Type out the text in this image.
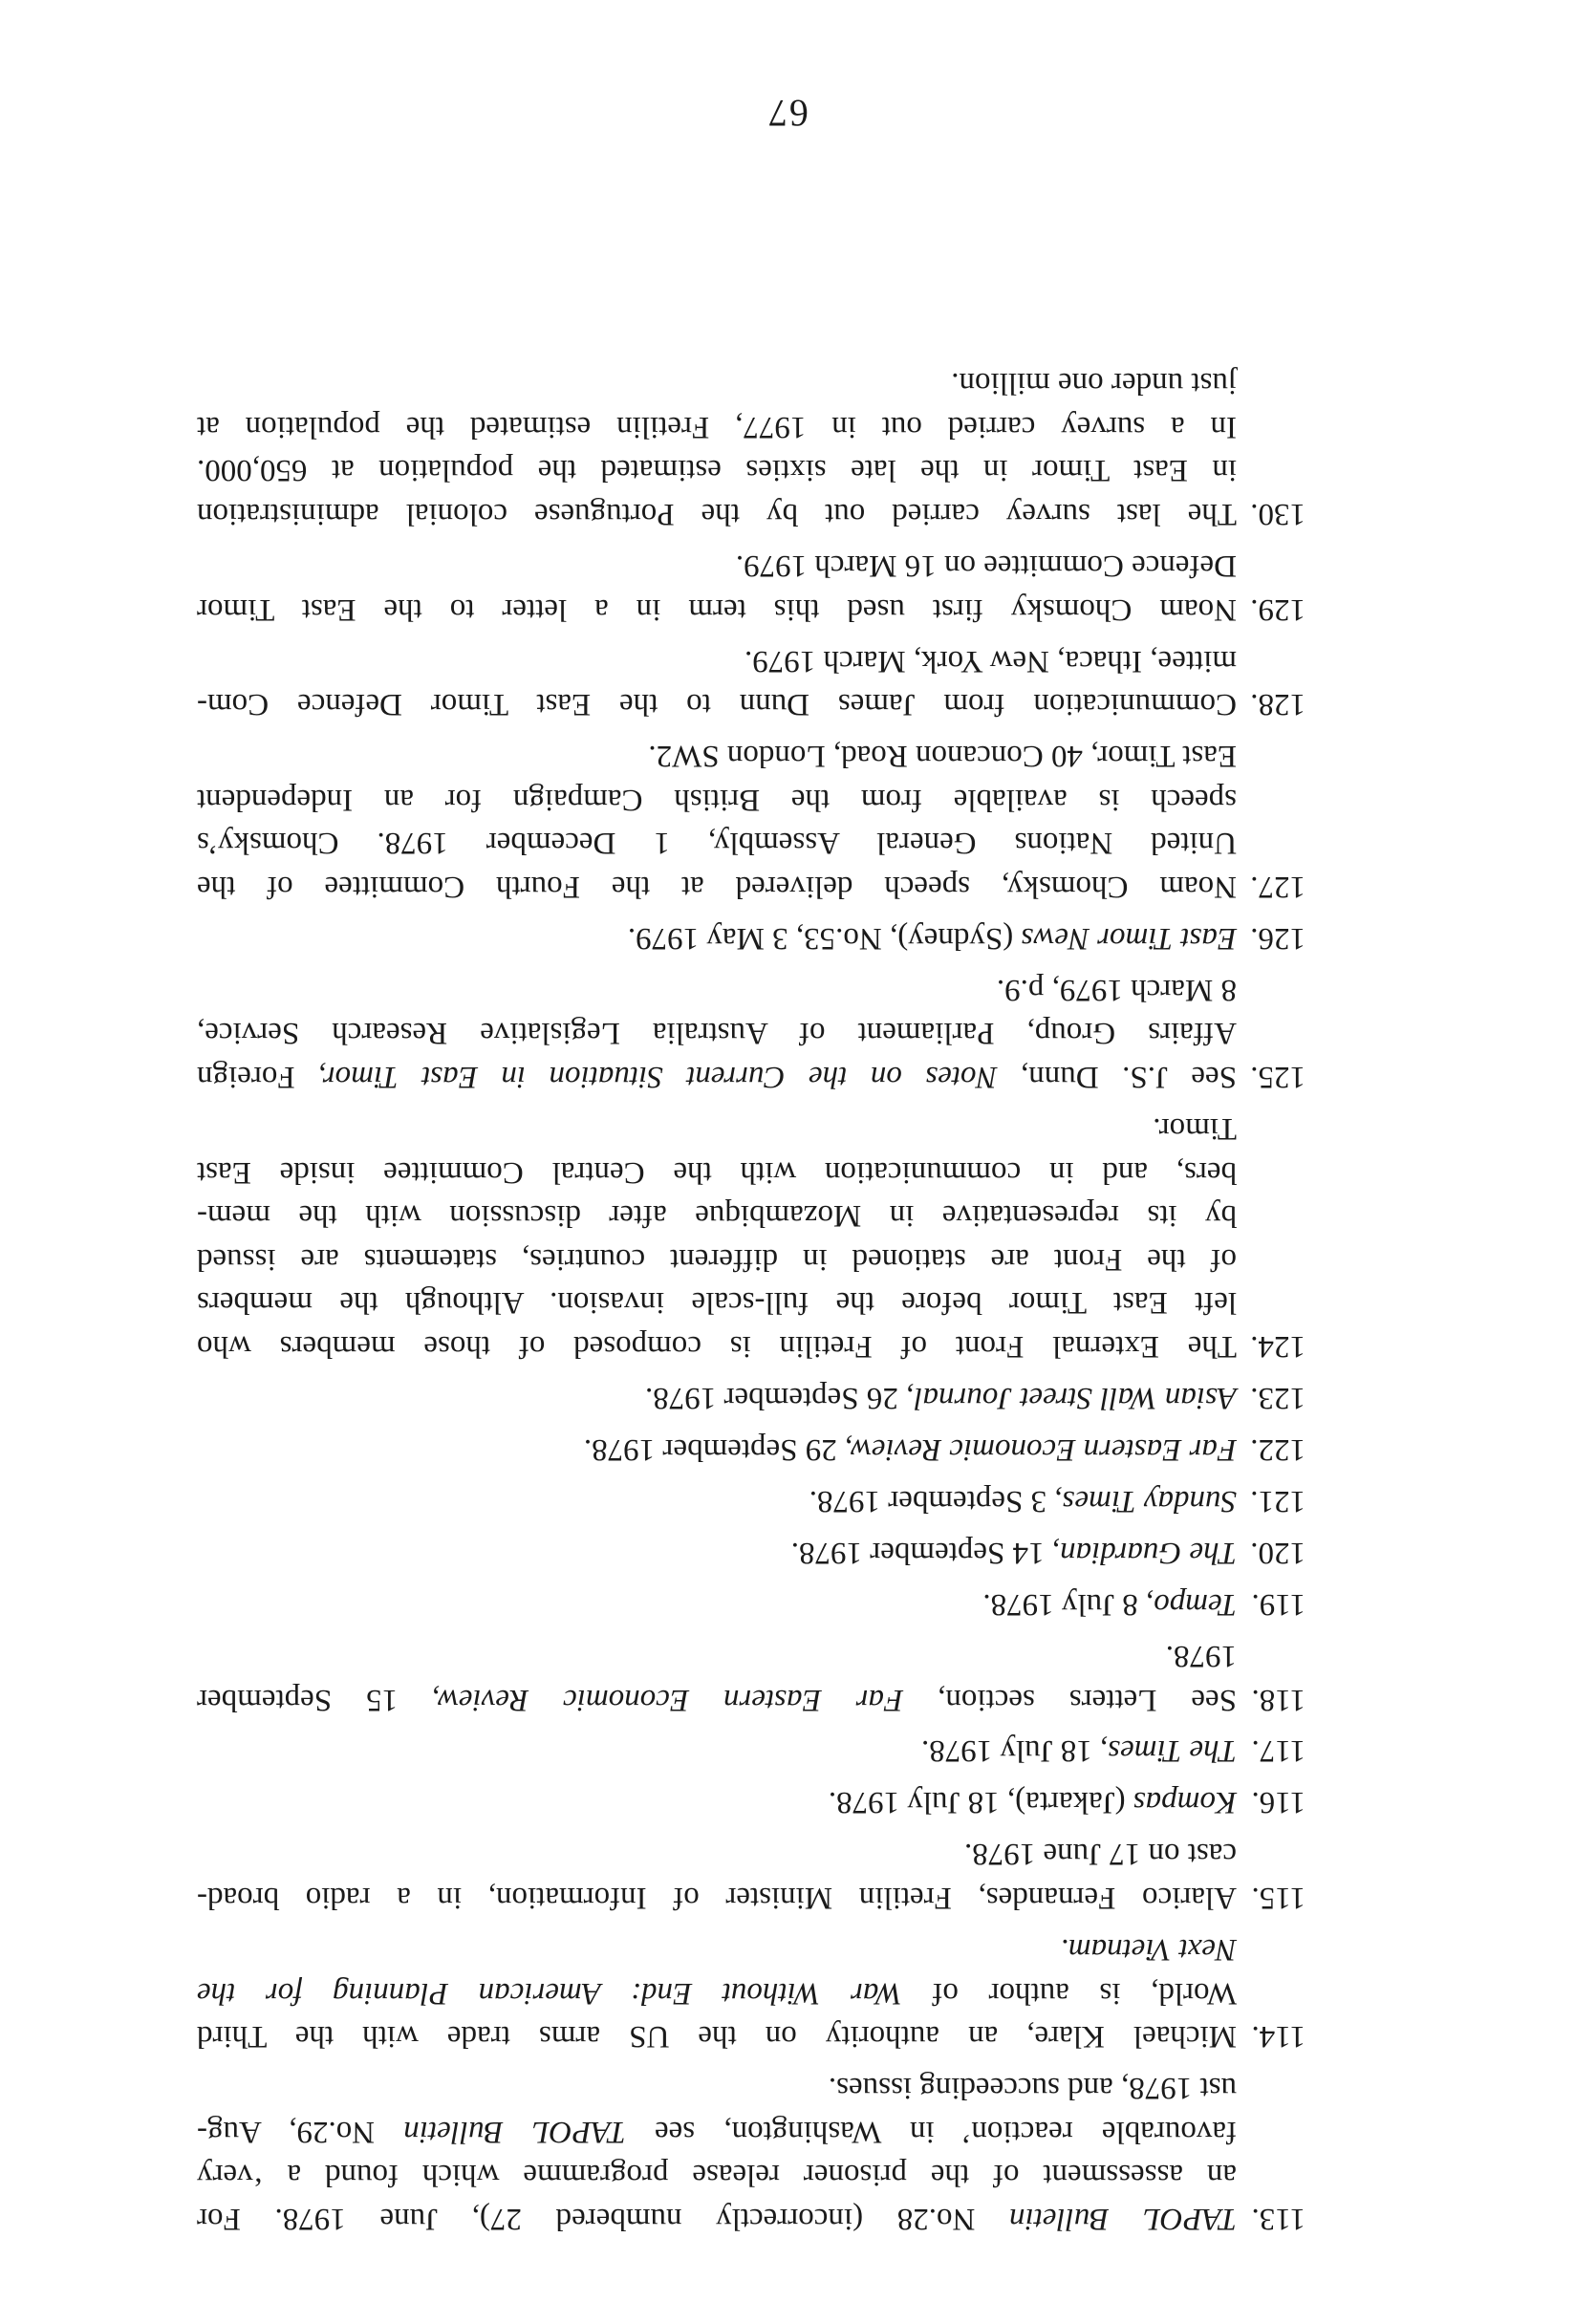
113.
TAPOL Bulletin No.28 (incorrectly numbered 27), June 1978. For
an assessment of the prisoner release programme which found a ‘very
favourable reaction’ in Washington, see TAPOL Bulletin No.29, Aug-
ust 1978, and succeeding issues.
114.
Michael Klare, an authority on the US arms trade with the Third
World, is author of War Without End: American Planning for the
Next Vietnam.
115.
Alarico Fernandes, Fretilin Minister of Information, in a radio broad-
cast on 17 June 1978.
116.
Kompas (Jakarta), 18 July 1978.
117.
The Times, 18 July 1978.
118.
See Letters section, Far Eastern Economic Review, 15 September
1978.
119.
Tempo, 8 July 1978.
120.
The Guardian, 14 September 1978.
121.
Sunday Times, 3 September 1978.
122.
Far Eastern Economic Review, 29 September 1978.
123.
Asian Wall Street Journal, 26 September 1978.
124.
The External Front of Fretilin is composed of those members who
left East Timor before the full-scale invasion. Although the members
of the Front are stationed in different countries, statements are issued
by its representative in Mozambique after discussion with the mem-
bers, and in communication with the Central Committee inside East
Timor.
125.
See J.S. Dunn, Notes on the Current Situation in East Timor, Foreign
Affairs Group, Parliament of Australia Legislative Research Service,
8 March 1979, p.9.
126.
East Timor News (Sydney), No.53, 3 May 1979.
127.
Noam Chomsky, speech delivered at the Fourth Committee of the
United Nations General Assembly, 1 December 1978. Chomsky’s
speech is available from the British Campaign for an Independent
East Timor, 40 Concanon Road, London SW2.
128.
Communication from James Dunn to the East Timor Defence Com-
mittee, Ithaca, New York, March 1979.
129.
Noam Chomsky first used this term in a letter to the East Timor
Defence Committee on 16 March 1979.
130.
The last survey carried out by the Portuguese colonial administration
in East Timor in the late sixties estimated the population at 650,000.
In a survey carried out in 1977, Fretilin estimated the population at
just under one million.
67
